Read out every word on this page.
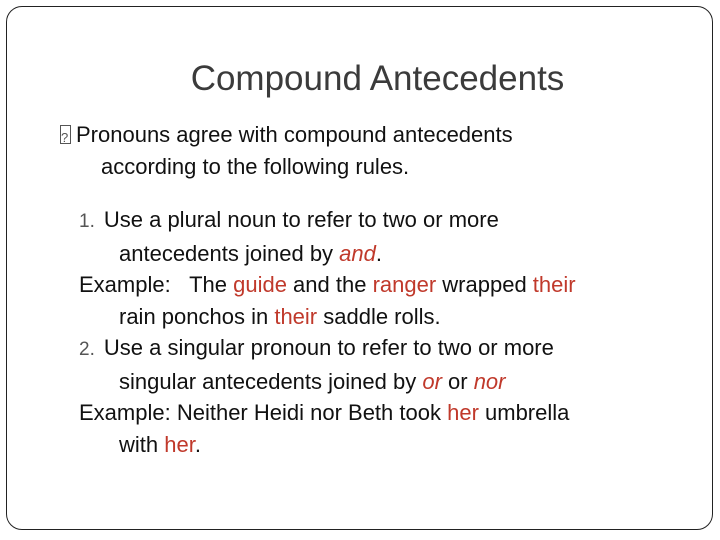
Compound Antecedents

?Pronouns agree with compound antecedents

according to the following rules.

1. Use a plural noun to refer to two or more

antecedents joined by and.

Example: The guide and the ranger wrapped their

rain ponchos in their saddle rolls.

2. Use a singular pronoun to refer to two or more

singular antecedents joined by or or nor

Example: Neither Heidi nor Beth took her umbrella

with her.
